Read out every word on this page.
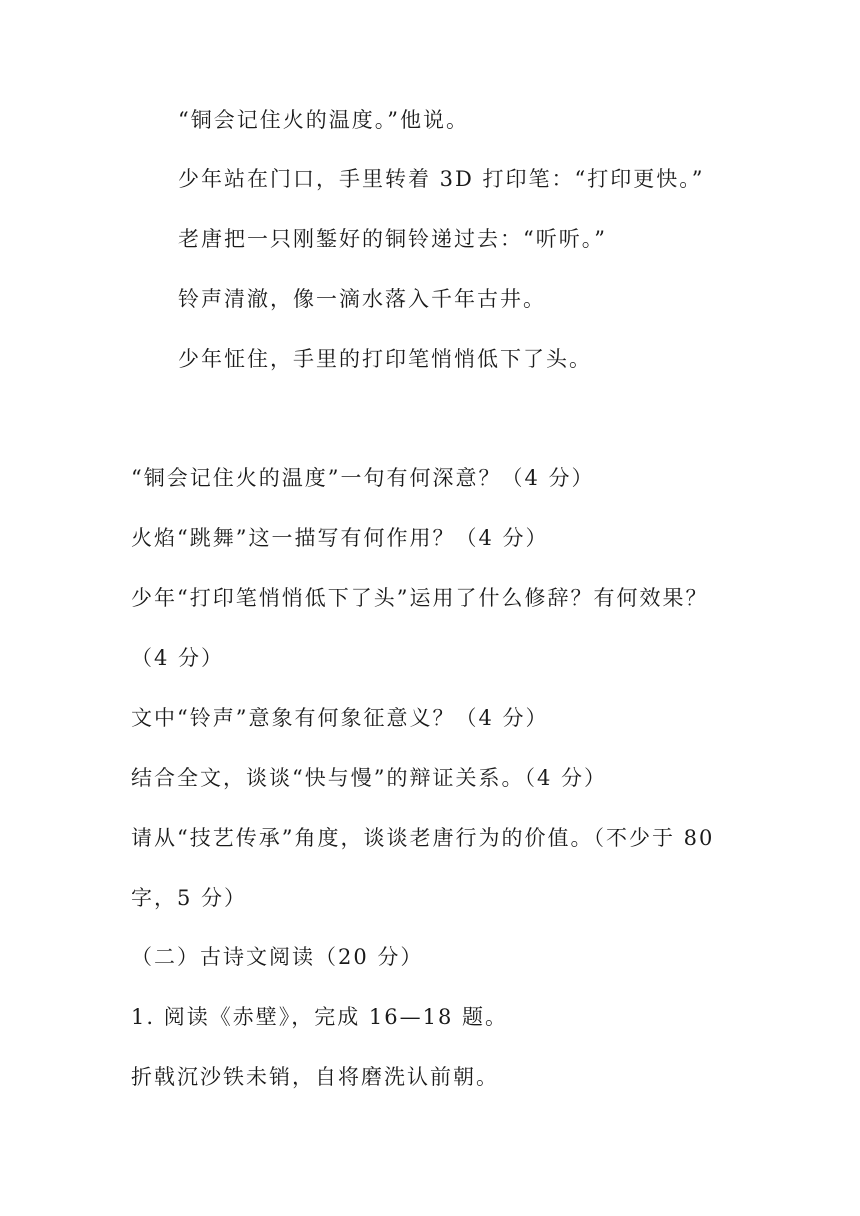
“铜会记住火的温度。”他说。
少年站在门口，手里转着 3D 打印笔：“打印更快。”
老唐把一只刚錾好的铜铃递过去：“听听。”
铃声清澈，像一滴水落入千年古井。
少年怔住，手里的打印笔悄悄低下了头。
“铜会记住火的温度”一句有何深意？（4 分）
火焰“跳舞”这一描写有何作用？（4 分）
少年“打印笔悄悄低下了头”运用了什么修辞？有何效果？
（4 分）
文中“铃声”意象有何象征意义？（4 分）
结合全文，谈谈“快与慢”的辩证关系。（4 分）
请从“技艺传承”角度，谈谈老唐行为的价值。（不少于 80
字，5 分）
（二）古诗文阅读（20 分）
1. 阅读《赤壁》，完成 16—18 题。
折戟沉沙铁未销，自将磨洗认前朝。
